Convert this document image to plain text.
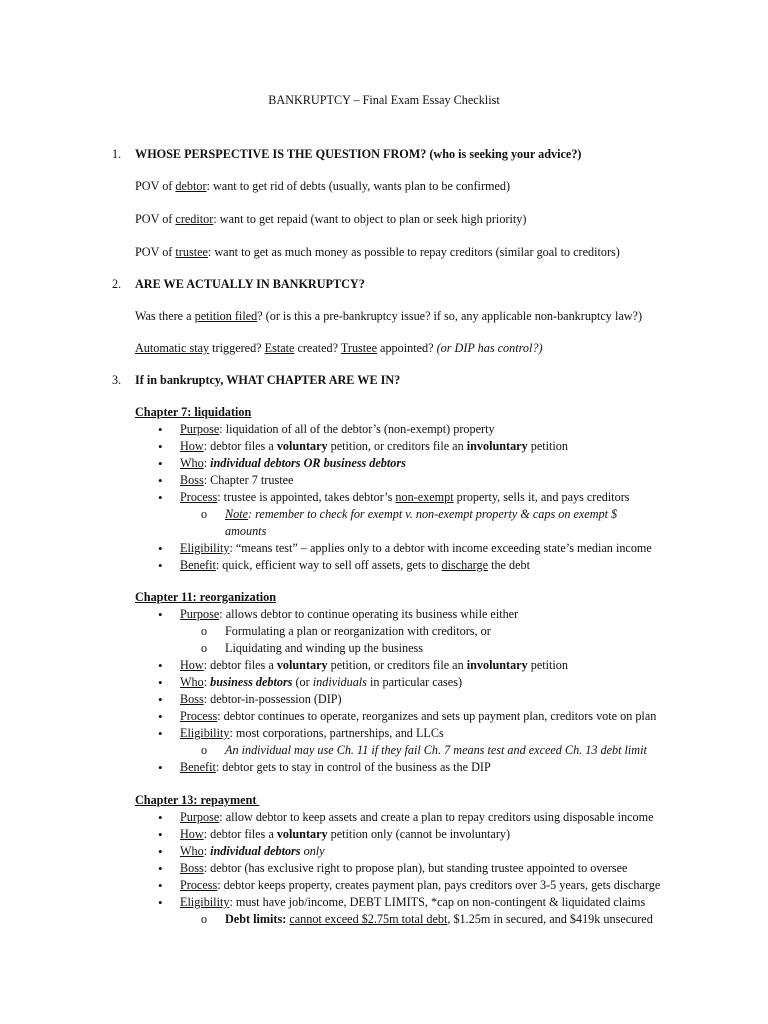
BANKRUPTCY – Final Exam Essay Checklist
1. WHOSE PERSPECTIVE IS THE QUESTION FROM? (who is seeking your advice?)
POV of debtor: want to get rid of debts (usually, wants plan to be confirmed)
POV of creditor: want to get repaid (want to object to plan or seek high priority)
POV of trustee: want to get as much money as possible to repay creditors (similar goal to creditors)
2. ARE WE ACTUALLY IN BANKRUPTCY?
Was there a petition filed? (or is this a pre-bankruptcy issue? if so, any applicable non-bankruptcy law?)
Automatic stay triggered? Estate created? Trustee appointed? (or DIP has control?)
3. If in bankruptcy, WHAT CHAPTER ARE WE IN?
Chapter 7: liquidation
•	Purpose: liquidation of all of the debtor’s (non-exempt) property
•	How: debtor files a voluntary petition, or creditors file an involuntary petition
•	Who: individual debtors OR business debtors
•	Boss: Chapter 7 trustee
•	Process: trustee is appointed, takes debtor’s non-exempt property, sells it, and pays creditors
o Note: remember to check for exempt v. non-exempt property & caps on exempt $
amounts
•	Eligibility: “means test” – applies only to a debtor with income exceeding state’s median income
•	Benefit: quick, efficient way to sell off assets, gets to discharge the debt
Chapter 11: reorganization
•	Purpose: allows debtor to continue operating its business while either
o Formulating a plan or reorganization with creditors, or
o Liquidating and winding up the business
•	How: debtor files a voluntary petition, or creditors file an involuntary petition
•	Who: business debtors (or individuals in particular cases)
•	Boss: debtor-in-possession (DIP)
•	Process: debtor continues to operate, reorganizes and sets up payment plan, creditors vote on plan
•	Eligibility: most corporations, partnerships, and LLCs
o An individual may use Ch. 11 if they fail Ch. 7 means test and exceed Ch. 13 debt limit
•	Benefit: debtor gets to stay in control of the business as the DIP
Chapter 13: repayment
•	Purpose: allow debtor to keep assets and create a plan to repay creditors using disposable income
•	How: debtor files a voluntary petition only (cannot be involuntary)
•	Who: individual debtors only
•	Boss: debtor (has exclusive right to propose plan), but standing trustee appointed to oversee
•	Process: debtor keeps property, creates payment plan, pays creditors over 3-5 years, gets discharge
•	Eligibility: must have job/income, DEBT LIMITS, *cap on non-contingent & liquidated claims
o Debt limits: cannot exceed $2.75m total debt, $1.25m in secured, and $419k unsecured
